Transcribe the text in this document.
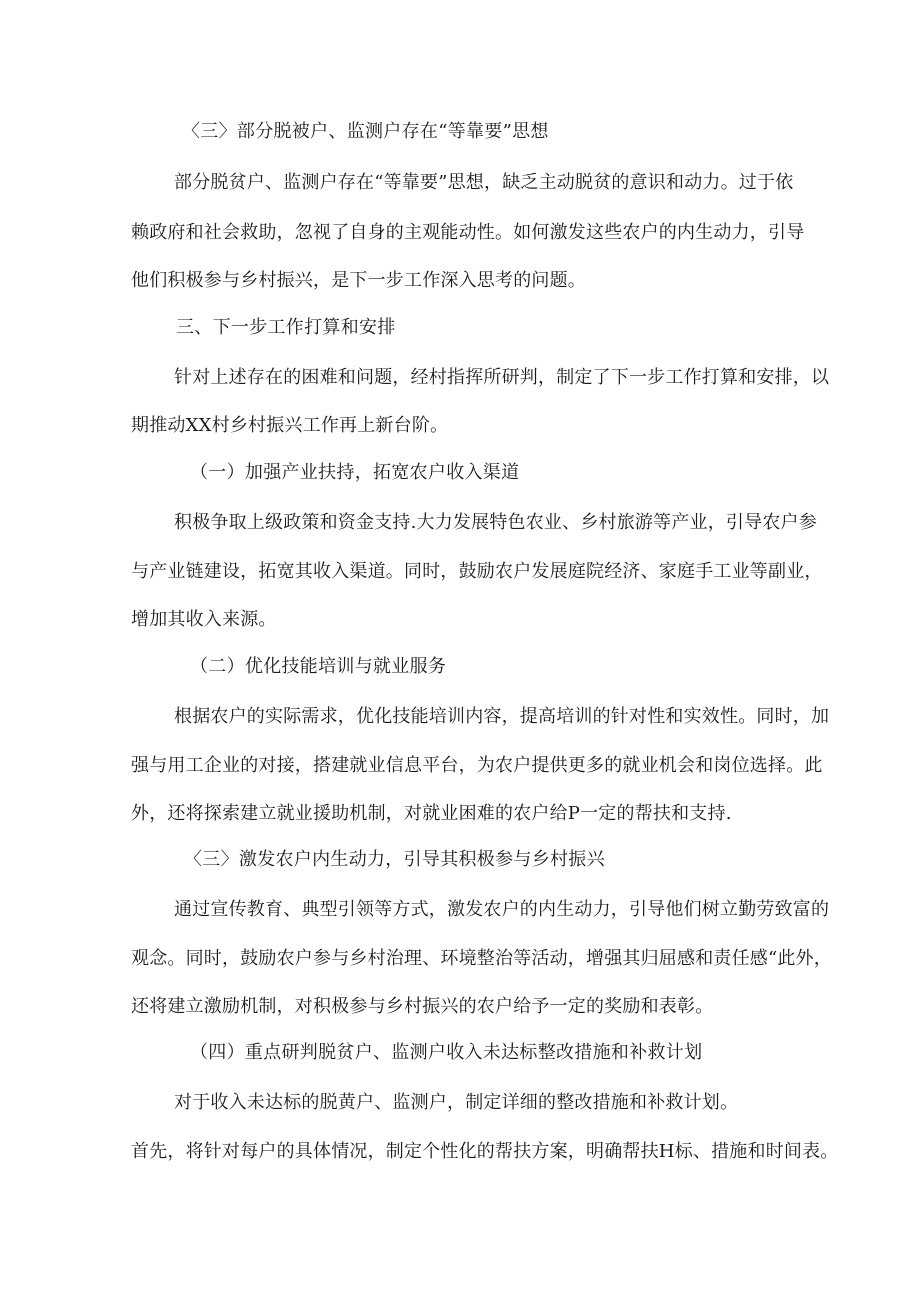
〈三〉部分脱被户、监测户存在“等靠要”思想
部分脱贫户、监测户存在“等靠要”思想，缺乏主动脱贫的意识和动力。过于依
赖政府和社会救助，忽视了自身的主观能动性。如何激发这些农户的内生动力，引导
他们积极参与乡村振兴，是下一步工作深入思考的问题。
三、下一步工作打算和安排
针对上述存在的困难和问题，经村指挥所研判，制定了下一步工作打算和安排，以
期推动XX村乡村振兴工作再上新台阶。
（一）加强产业扶持，拓宽农户收入渠道
积极争取上级政策和资金支持.大力发展特色农业、乡村旅游等产业，引导农户参
与产业链建设，拓宽其收入渠道。同时，鼓励农户发展庭院经济、家庭手工业等副业，
增加其收入来源。
（二）优化技能培训与就业服务
根据农户的实际需求，优化技能培训内容，提高培训的针对性和实效性。同时，加
强与用工企业的对接，搭建就业信息平台，为农户提供更多的就业机会和岗位选择。此
外，还将探索建立就业援助机制，对就业困难的农户给P一定的帮扶和支持.
〈三〉激发农户内生动力，引导其积极参与乡村振兴
通过宣传教育、典型引领等方式，激发农户的内生动力，引导他们树立勤劳致富的
观念。同时，鼓励农户参与乡村治理、环境整治等活动，增强其归屈感和责任感“此外，
还将建立激励机制，对积极参与乡村振兴的农户给予一定的奖励和表彰。
（四）重点研判脱贫户、监测户收入未达标整改措施和补救计划
对于收入未达标的脱黄户、监测户，制定详细的整改措施和补救计划。
首先，将针对每户的具体情况，制定个性化的帮扶方案，明确帮扶H标、措施和时间表。
